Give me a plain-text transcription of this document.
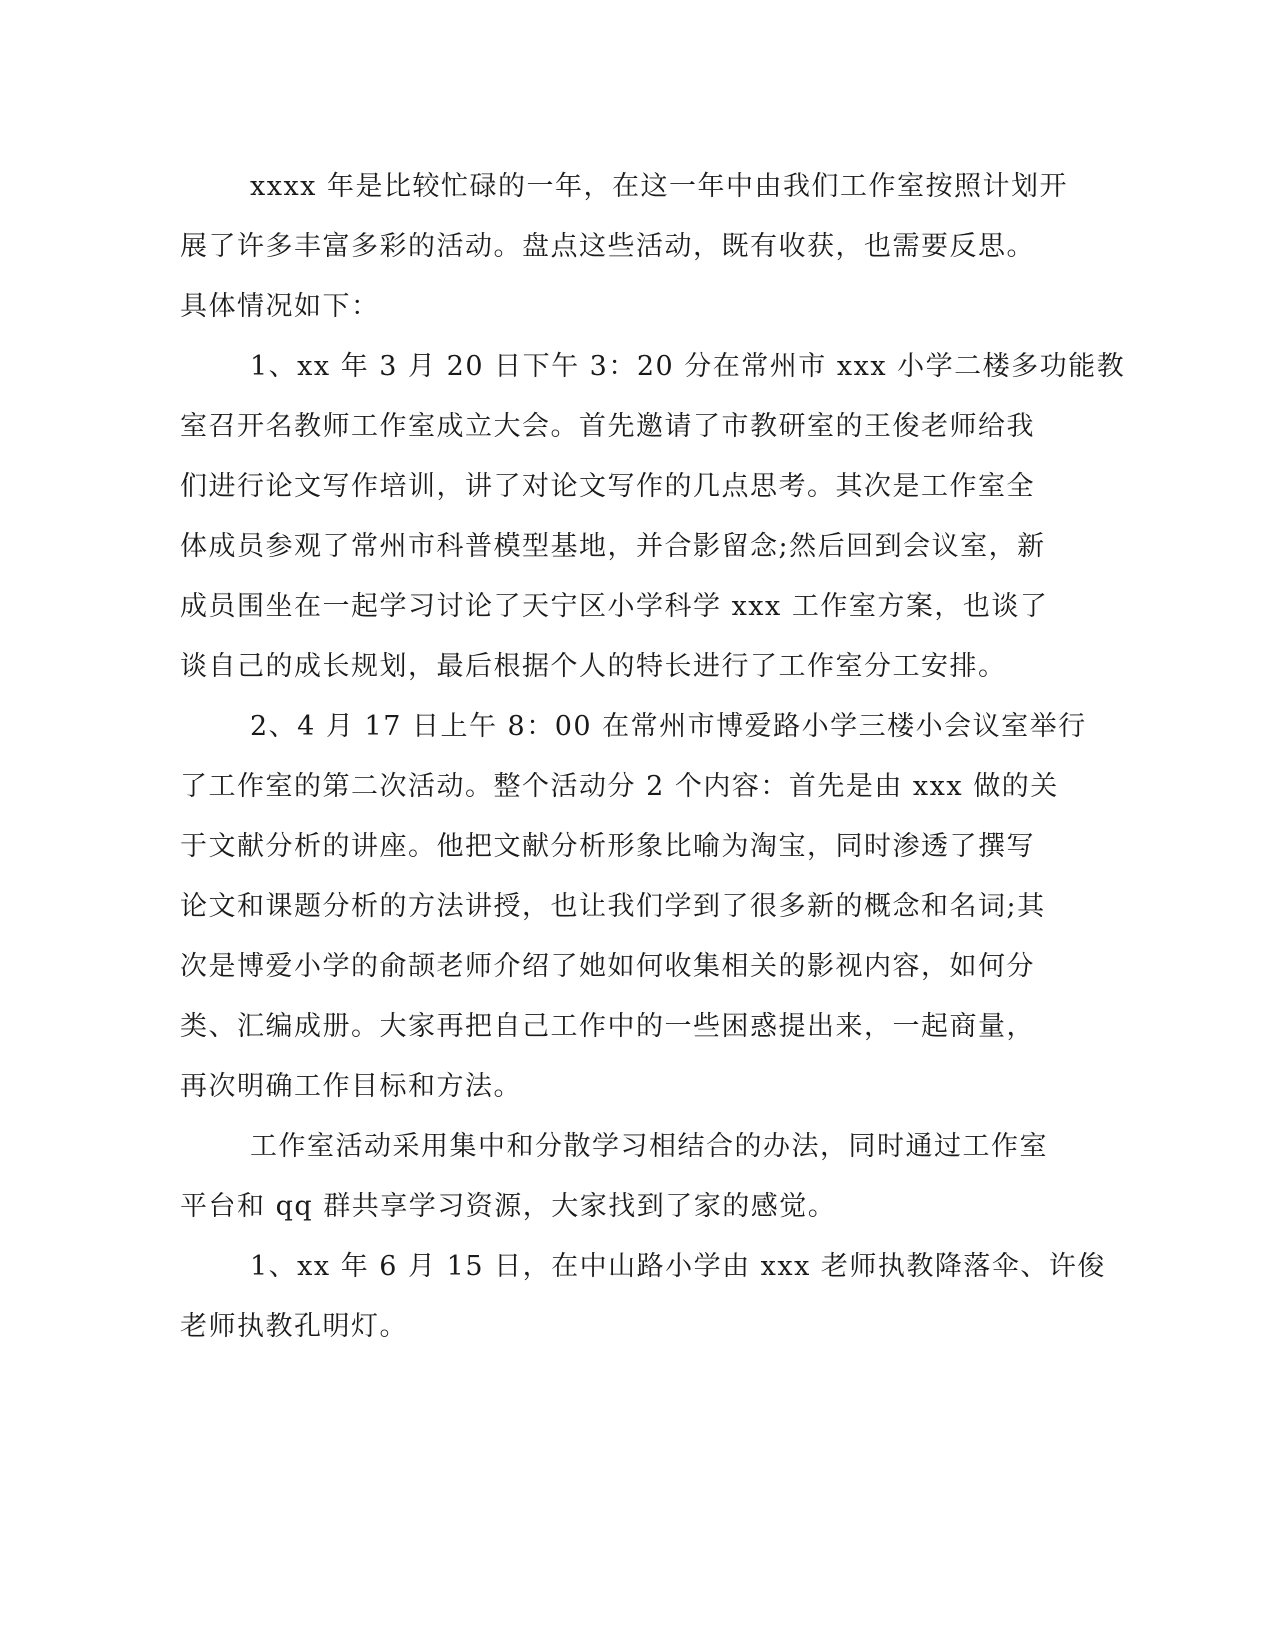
xxxx 年是比较忙碌的一年，在这一年中由我们工作室按照计划开
展了许多丰富多彩的活动。盘点这些活动，既有收获，也需要反思。
具体情况如下：

1、xx 年 3 月 20 日下午 3：20 分在常州市 xxx 小学二楼多功能教
室召开名教师工作室成立大会。首先邀请了市教研室的王俊老师给我
们进行论文写作培训，讲了对论文写作的几点思考。其次是工作室全
体成员参观了常州市科普模型基地，并合影留念;然后回到会议室，新
成员围坐在一起学习讨论了天宁区小学科学 xxx 工作室方案，也谈了
谈自己的成长规划，最后根据个人的特长进行了工作室分工安排。

2、4 月 17 日上午 8：00 在常州市博爱路小学三楼小会议室举行
了工作室的第二次活动。整个活动分 2 个内容：首先是由 xxx 做的关
于文献分析的讲座。他把文献分析形象比喻为淘宝，同时渗透了撰写
论文和课题分析的方法讲授，也让我们学到了很多新的概念和名词;其
次是博爱小学的俞颉老师介绍了她如何收集相关的影视内容，如何分
类、汇编成册。大家再把自己工作中的一些困惑提出来，一起商量，
再次明确工作目标和方法。

工作室活动采用集中和分散学习相结合的办法，同时通过工作室
平台和 qq 群共享学习资源，大家找到了家的感觉。

1、xx 年 6 月 15 日，在中山路小学由 xxx 老师执教降落伞、许俊
老师执教孔明灯。
